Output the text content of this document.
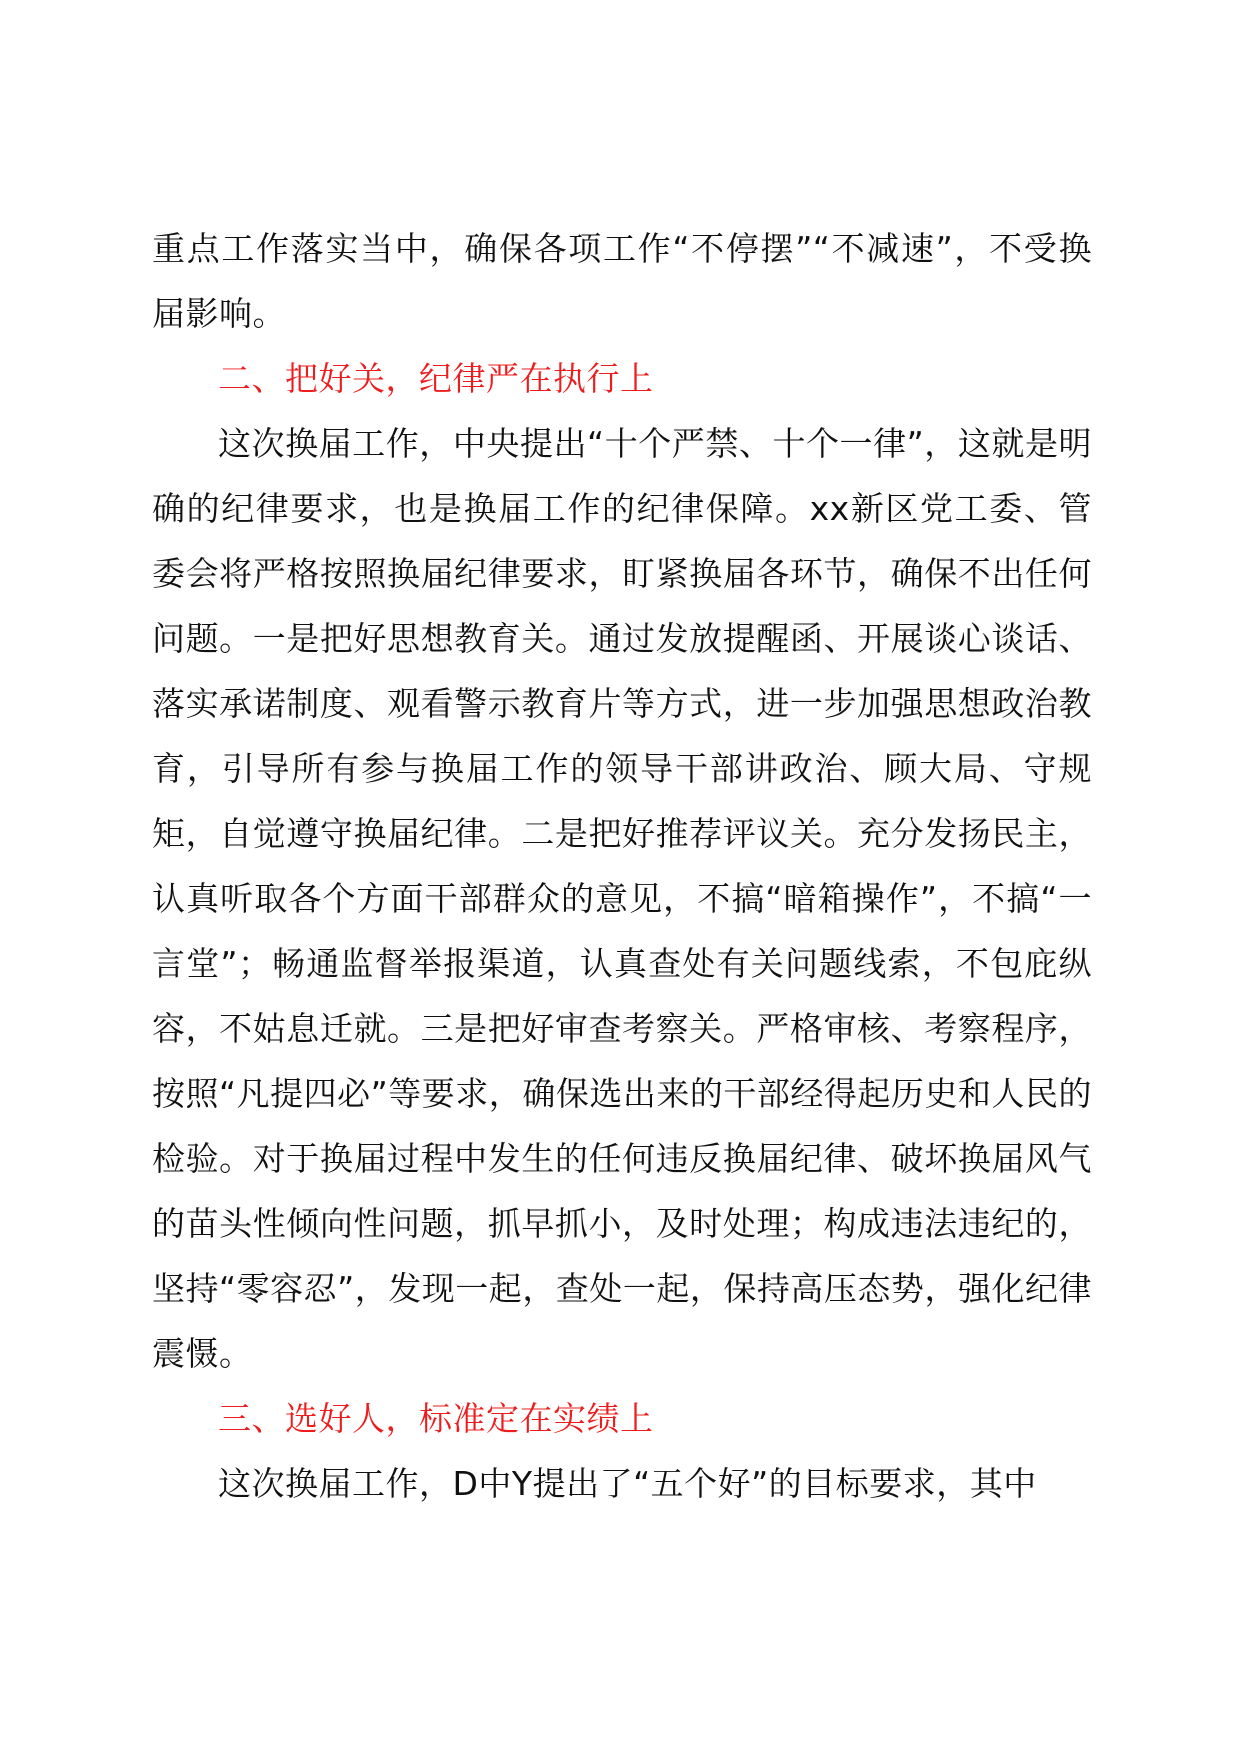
重点工作落实当中，确保各项工作“不停摆”“不减速”，不受换届影响。

二、把好关，纪律严在执行上

这次换届工作，中央提出“十个严禁、十个一律”，这就是明确的纪律要求，也是换届工作的纪律保障。xx新区党工委、管委会将严格按照换届纪律要求，盯紧换届各环节，确保不出任何问题。一是把好思想教育关。通过发放提醒函、开展谈心谈话、落实承诺制度、观看警示教育片等方式，进一步加强思想政治教育，引导所有参与换届工作的领导干部讲政治、顾大局、守规矩，自觉遵守换届纪律。二是把好推荐评议关。充分发扬民主，认真听取各个方面干部群众的意见，不搞“暗箱操作”，不搞“一言堂”；畅通监督举报渠道，认真查处有关问题线索，不包庇纵容，不姑息迁就。三是把好审查考察关。严格审核、考察程序，按照“凡提四必”等要求，确保选出来的干部经得起历史和人民的检验。对于换届过程中发生的任何违反换届纪律、破坏换届风气的苗头性倾向性问题，抓早抓小，及时处理；构成违法违纪的，坚持“零容忍”，发现一起，查处一起，保持高压态势，强化纪律震慑。

三、选好人，标准定在实绩上

这次换届工作，D中Y提出了“五个好”的目标要求，其中
